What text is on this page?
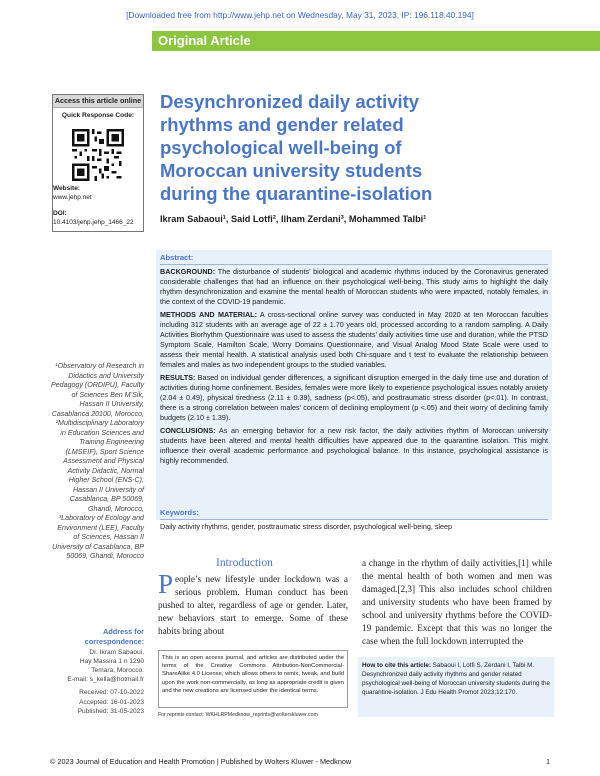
[Downloaded free from http://www.jehp.net on Wednesday, May 31, 2023, IP: 196.118.40.194]
Original Article
Access this article online
Quick Response Code:
Website:
www.jehp.net
DOI:
10.4103/jehp.jehp_1466_22
Desynchronized daily activity rhythms and gender related psychological well-being of Moroccan university students during the quarantine-isolation
Ikram Sabaoui¹, Said Lotfi², Ilham Zerdani³, Mohammed Talbi¹
¹Observatory of Research in Didactics and University Pedagogy (ORDIPU), Faculty of Sciences Ben M’Sik, Hassan II University, Casablanca 20100, Morocco, ²Multidisciplinary Laboratory in Education Sciences and Training Engineering (LMSEIF), Sport Science Assessment and Physical Activity Didactic, Normal Higher School (ENS-C), Hassan II University of Casablanca, BP 50069, Ghandi, Morocco, ³Laboratory of Ecology and Environment (LEE), Faculty of Sciences, Hassan II University of Casablanca, BP 50069, Ghandi, Morocco
Address for
correspondence:
Dr. Ikram Sabaoui,
Hay Massira 1 n 1290
Temara, Morocco.
E-mail: s_kella@hotmail.fr
Received: 07-10-2022
Accepted: 16-01-2023
Published: 31-05-2023
Abstract:

BACKGROUND: The disturbance of students’ biological and academic rhythms induced by the Coronavirus generated considerable challenges that had an influence on their psychological well-being. This study aims to highlight the daily rhythm desynchronization and examine the mental health of Moroccan students who were impacted, notably females, in the context of the COVID-19 pandemic.

METHODS AND MATERIAL: A cross-sectional online survey was conducted in May 2020 at ten Moroccan faculties including 312 students with an average age of 22 ± 1.70 years old, processed according to a random sampling. A Daily Activities Biorhythm Questionnaire was used to assess the students’ daily activities time use and duration, while the PTSD Symptom Scale, Hamilton Scale, Worry Domains Questionnaire, and Visual Analog Mood State Scale were used to assess their mental health. A statistical analysis used both Chi-square and t test to evaluate the relationship between females and males as two independent groups to the studied variables.

RESULTS: Based on individual gender differences, a significant disruption emerged in the daily time use and duration of activities during home confinement. Besides, females were more likely to experience psychological issues notably anxiety (2.04 ± 0.49), physical tiredness (2.11 ± 0.39), sadness (p<.05), and posttraumatic stress disorder (p<.01). In contrast, there is a strong correlation between males’ concern of declining employment (p <.05) and their worry of declining family budgets (2.10 ± 1.39).

CONCLUSIONS: As an emerging behavior for a new risk factor, the daily activities rhythm of Moroccan university students have been altered and mental health difficulties have appeared due to the quarantine isolation. This might influence their overall academic performance and psychological balance. In this instance, psychological assistance is highly recommended.

Keywords:
Daily activity rhythms, gender, posttraumatic stress disorder, psychological well-being, sleep
Introduction
People’s new lifestyle under lockdown was a serious problem. Human conduct has been pushed to alter, regardless of age or gender. Later, new behaviors start to emerge. Some of these habits bring about
a change in the rhythm of daily activities,[1] while the mental health of both women and men was damaged.[2,3] This also includes school children and university students who have been framed by school and university rhythms before the COVID-19 pandemic. Except that this was no longer the case when the full lockdown interrupted the
This is an open access journal, and articles are distributed under the terms of the Creative Commons Attribution-NonCommercial-ShareAlike 4.0 License, which allows others to remix, tweak, and build upon the work non-commercially, as long as appropriate credit is given and the new creations are licensed under the identical terms.
For reprints contact: WKHLRPMedknow_reprints@wolterskluwer.com
How to cite this article: Sabaoui I, Lotfi S, Zerdani I, Talbi M. Desynchronized daily activity rhythms and gender related psychological well-being of Moroccan university students during the quarantine-isolation. J Edu Health Promot 2023;12:170.
© 2023 Journal of Education and Health Promotion | Published by Wolters Kluwer - Medknow	1
